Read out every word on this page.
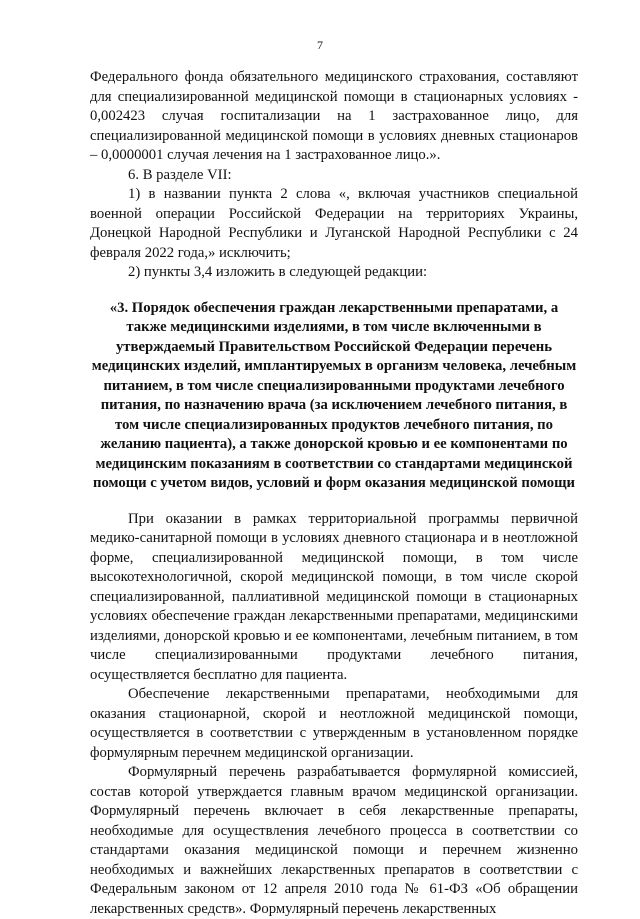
7

Федерального фонда обязательного медицинского страхования, составляют для специализированной медицинской помощи в стационарных условиях - 0,002423 случая госпитализации на 1 застрахованное лицо, для специализированной медицинской помощи в условиях дневных стационаров – 0,0000001 случая лечения на 1 застрахованное лицо.».

6. В разделе VII:

1) в названии пункта 2 слова «, включая участников специальной военной операции Российской Федерации на территориях Украины, Донецкой Народной Республики и Луганской Народной Республики с 24 февраля 2022 года,» исключить;

2) пункты 3,4 изложить в следующей редакции:

«3. Порядок обеспечения граждан лекарственными препаратами, а также медицинскими изделиями, в том числе включенными в утверждаемый Правительством Российской Федерации перечень медицинских изделий, имплантируемых в организм человека, лечебным питанием, в том числе специализированными продуктами лечебного питания, по назначению врача (за исключением лечебного питания, в том числе специализированных продуктов лечебного питания, по желанию пациента), а также донорской кровью и ее компонентами по медицинским показаниям в соответствии со стандартами медицинской помощи с учетом видов, условий и форм оказания медицинской помощи

При оказании в рамках территориальной программы первичной медико-санитарной помощи в условиях дневного стационара и в неотложной форме, специализированной медицинской помощи, в том числе высокотехнологичной, скорой медицинской помощи, в том числе скорой специализированной, паллиативной медицинской помощи в стационарных условиях обеспечение граждан лекарственными препаратами, медицинскими изделиями, донорской кровью и ее компонентами, лечебным питанием, в том числе специализированными продуктами лечебного питания, осуществляется бесплатно для пациента.

Обеспечение лекарственными препаратами, необходимыми для оказания стационарной, скорой и неотложной медицинской помощи, осуществляется в соответствии с утвержденным в установленном порядке формулярным перечнем медицинской организации.

Формулярный перечень разрабатывается формулярной комиссией, состав которой утверждается главным врачом медицинской организации. Формулярный перечень включает в себя лекарственные препараты, необходимые для осуществления лечебного процесса в соответствии со стандартами оказания медицинской помощи и перечнем жизненно необходимых и важнейших лекарственных препаратов в соответствии с Федеральным законом от 12 апреля 2010 года № 61-ФЗ «Об обращении лекарственных средств». Формулярный перечень лекарственных
